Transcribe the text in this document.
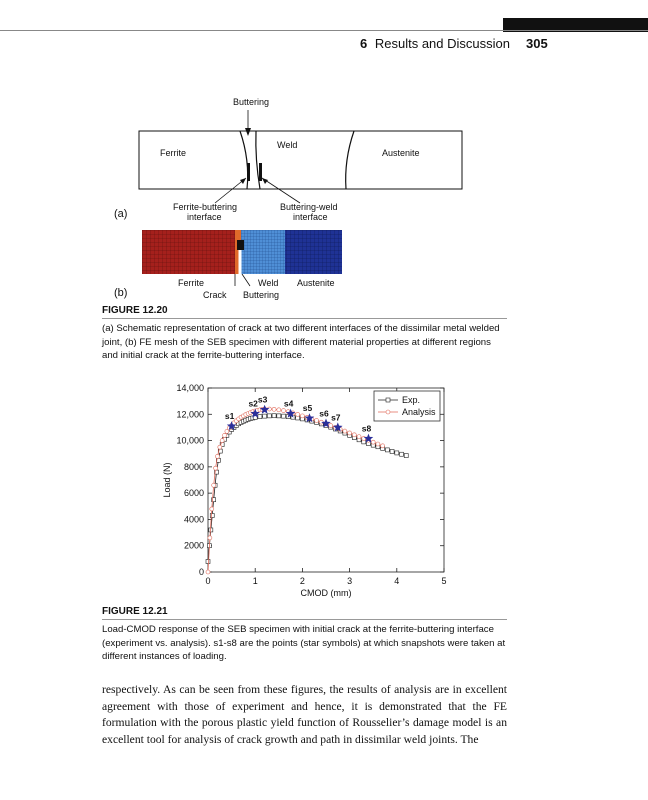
6 Results and Discussion 305
Buttering
Weld
Ferrite	Austenite
Ferrite-buttering
interface
Buttering-weld
interface
(a)
Ferrite	Weld Austenite
Crack Buttering
(b)
FIGURE 12.20
(a) Schematic representation of crack at two different interfaces of the dissimilar metal welded joint, (b) FE mesh of the SEB specimen with different material properties at different regions and initial crack at the ferrite-buttering interface.
0
2000
4000
6000
8000
10,000
12,000
14,000
0	1	2	3	4	5
CMOD (mm)
Load (N)
s1
s2 s3 s4 s5
s6 s7
s8
Exp.
Analysis
FIGURE 12.21
Load-CMOD response of the SEB specimen with initial crack at the ferrite-buttering interface (experiment vs. analysis). s1-s8 are the points (star symbols) at which snapshots were taken at different instances of loading.
respectively. As can be seen from these figures, the results of analysis are in excellent agreement with those of experiment and hence, it is demonstrated that the FE formulation with the porous plastic yield function of Rousselier’s damage model is an excellent tool for analysis of crack growth and path in dissimilar weld joints. The
